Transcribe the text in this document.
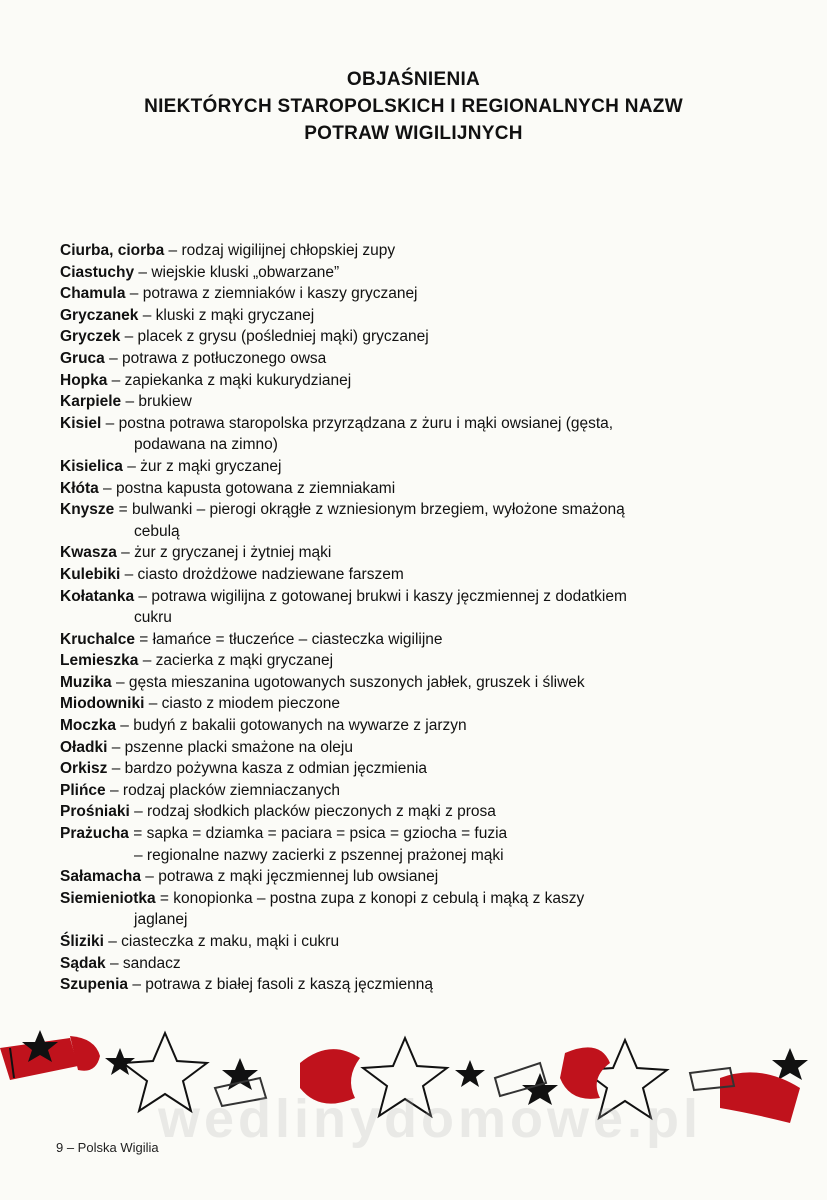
OBJAŚNIENIA
NIEKTÓRYCH STAROPOLSKICH I REGIONALNYCH NAZW
POTRAW WIGILIJNYCH
Ciurba, ciorba – rodzaj wigilijnej chłopskiej zupy
Ciastuchy – wiejskie kluski „obwarzane”
Chamula – potrawa z ziemniaków i kaszy gryczanej
Gryczanek – kluski z mąki gryczanej
Gryczek – placek z grysu (pośledniej mąki) gryczanej
Gruca – potrawa z potłuczonego owsa
Hopka – zapiekanka z mąki kukurydzianej
Karpiele – brukiew
Kisiel – postna potrawa staropolska przyrządzana z żuru i mąki owsianej (gęsta,
podawana na zimno)
Kisielica – żur z mąki gryczanej
Kłóta – postna kapusta gotowana z ziemniakami
Knysze = bulwanki – pierogi okrągłe z wzniesionym brzegiem, wyłożone smażoną
cebulą
Kwasza – żur z gryczanej i żytniej mąki
Kulebiki – ciasto drożdżowe nadziewane farszem
Kołatanka – potrawa wigilijna z gotowanej brukwi i kaszy jęczmiennej z dodatkiem
cukru
Kruchalce = łamańce = tłuczeńce – ciasteczka wigilijne
Lemieszka – zacierka z mąki gryczanej
Muzika – gęsta mieszanina ugotowanych suszonych jabłek, gruszek i śliwek
Miodowniki – ciasto z miodem pieczone
Moczka – budyń z bakalii gotowanych na wywarze z jarzyn
Oładki – pszenne placki smażone na oleju
Orkisz – bardzo pożywna kasza z odmian jęczmienia
Plińce – rodzaj placków ziemniaczanych
Prośniaki – rodzaj słodkich placków pieczonych z mąki z prosa
Prażucha = sapka = dziamka = paciara = psica = gziocha = fuzia
– regionalne nazwy zacierki z pszennej prażonej mąki
Sałamacha – potrawa z mąki jęczmiennej lub owsianej
Siemieniotka = konopionka – postna zupa z konopi z cebulą i mąką z kaszy
jaglanej
Śliziki – ciasteczka z maku, mąki i cukru
Sądak – sandacz
Szupenia – potrawa z białej fasoli z kaszą jęczmienną
wedlinydomowe.pl
9 – Polska Wigilia
